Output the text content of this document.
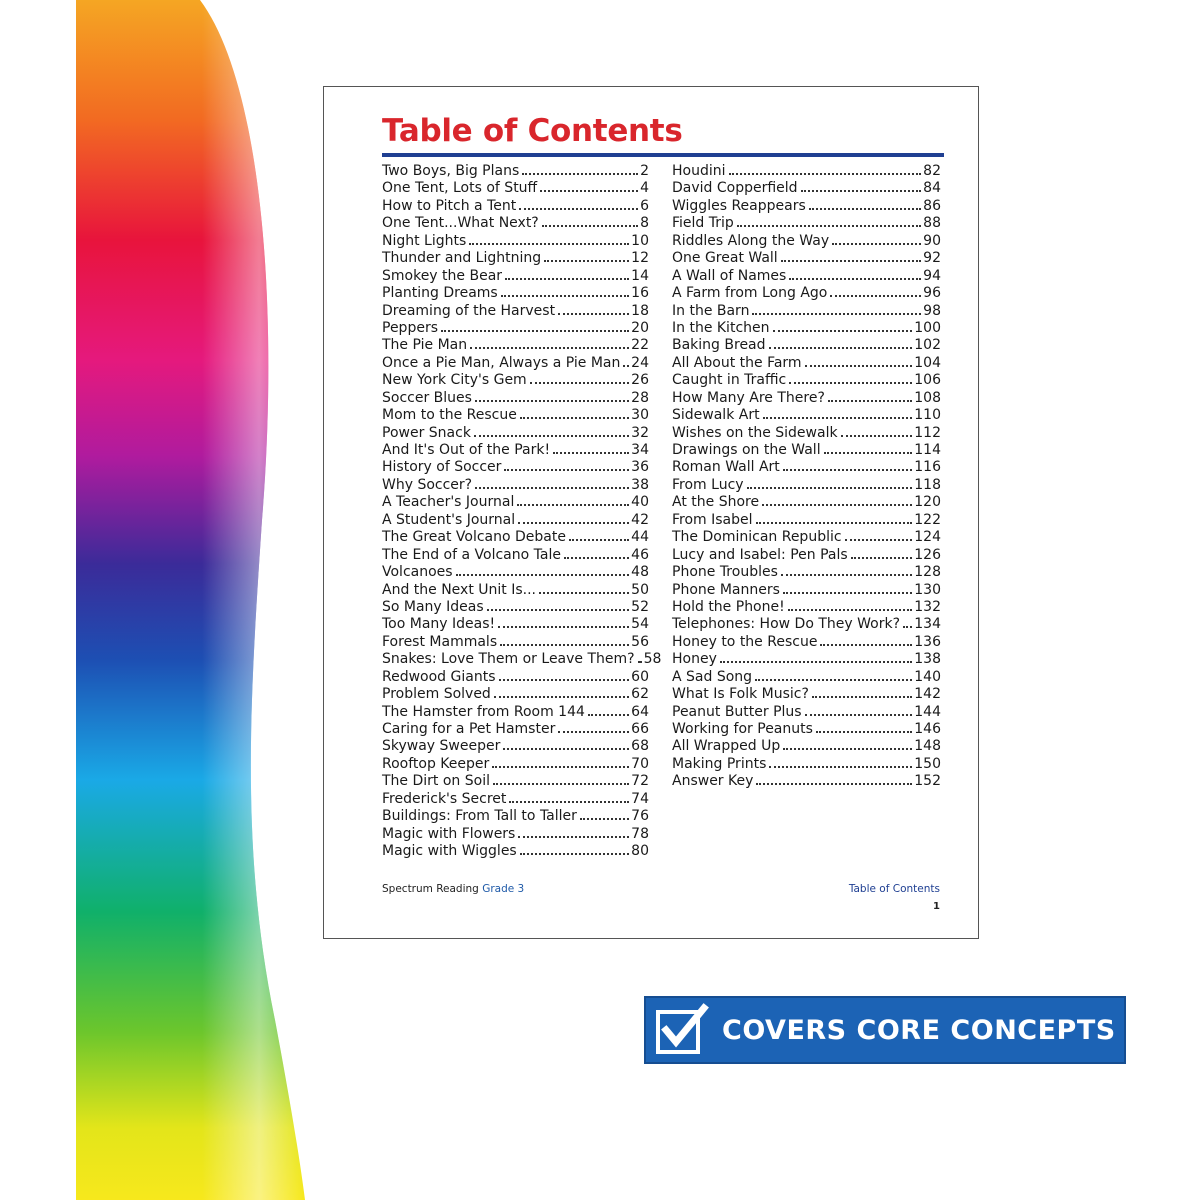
Table of Contents
Two Boys, Big Plans	2
One Tent, Lots of Stuff	4
How to Pitch a Tent	6
One Tent...What Next?	8
Night Lights	10
Thunder and Lightning	12
Smokey the Bear	14
Planting Dreams	16
Dreaming of the Harvest	18
Peppers	20
The Pie Man	22
Once a Pie Man, Always a Pie Man 24
New York City's Gem	26
Soccer Blues	28
Mom to the Rescue	30
Power Snack	32
And It's Out of the Park!	34
History of Soccer	36
Why Soccer?	38
A Teacher's Journal	40
A Student's Journal	42
The Great Volcano Debate	44
The End of a Volcano Tale	46
Volcanoes	48
And the Next Unit Is...	50
So Many Ideas	52
Too Many Ideas!	54
Forest Mammals	56
Snakes: Love Them or Leave Them? 58
Redwood Giants	60
Problem Solved	62
The Hamster from Room 144	64
Caring for a Pet Hamster	66
Skyway Sweeper	68
Rooftop Keeper	70
The Dirt on Soil	72
Frederick's Secret	74
Buildings: From Tall to Taller	76
Magic with Flowers	78
Magic with Wiggles	80
Houdini	82
David Copperfield	84
Wiggles Reappears	86
Field Trip	88
Riddles Along the Way	90
One Great Wall	92
A Wall of Names	94
A Farm from Long Ago	96
In the Barn	98
In the Kitchen	100
Baking Bread	102
All About the Farm	104
Caught in Traffic	106
How Many Are There?	108
Sidewalk Art	110
Wishes on the Sidewalk	112
Drawings on the Wall	114
Roman Wall Art	116
From Lucy	118
At the Shore	120
From Isabel	122
The Dominican Republic	124
Lucy and Isabel: Pen Pals	126
Phone Troubles	128
Phone Manners	130
Hold the Phone!	132
Telephones: How Do They Work? 134
Honey to the Rescue	136
Honey	138
A Sad Song	140
What Is Folk Music?	142
Peanut Butter Plus	144
Working for Peanuts	146
All Wrapped Up	148
Making Prints	150
Answer Key	152
Spectrum Reading Grade 3	Table of Contents
1
COVERS CORE CONCEPTS
